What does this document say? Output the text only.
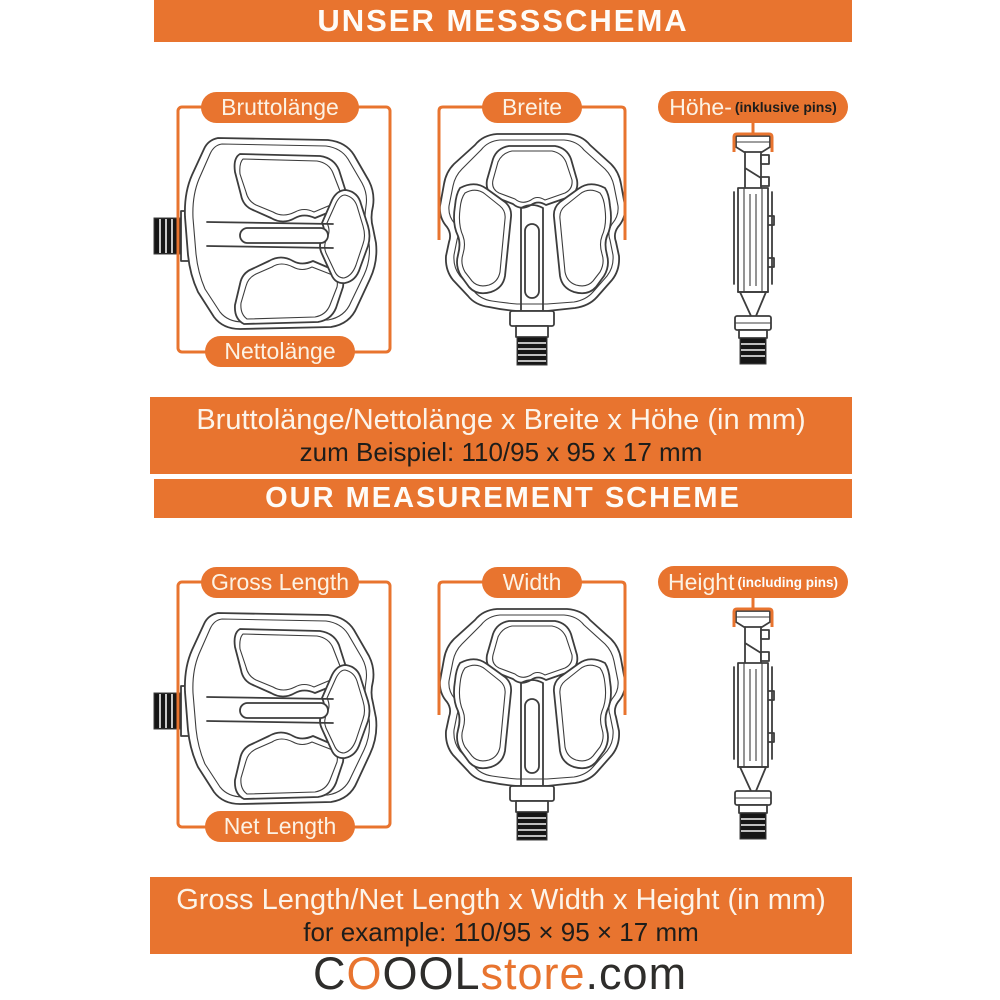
UNSER MESSSCHEMA
Bruttolänge
Nettolänge
Breite	Höhe- (inklusive pins)
Bruttolänge/Nettolänge x Breite x Höhe (in mm)
zum Beispiel: 110/95 x 95 x 17 mm
OUR MEASUREMENT SCHEME
Gross Length
Net Length
Width	Height (including pins)
Gross Length/Net Length x Width x Height (in mm)
for example: 110/95 × 95 × 17 mm
COOOLstore.com
